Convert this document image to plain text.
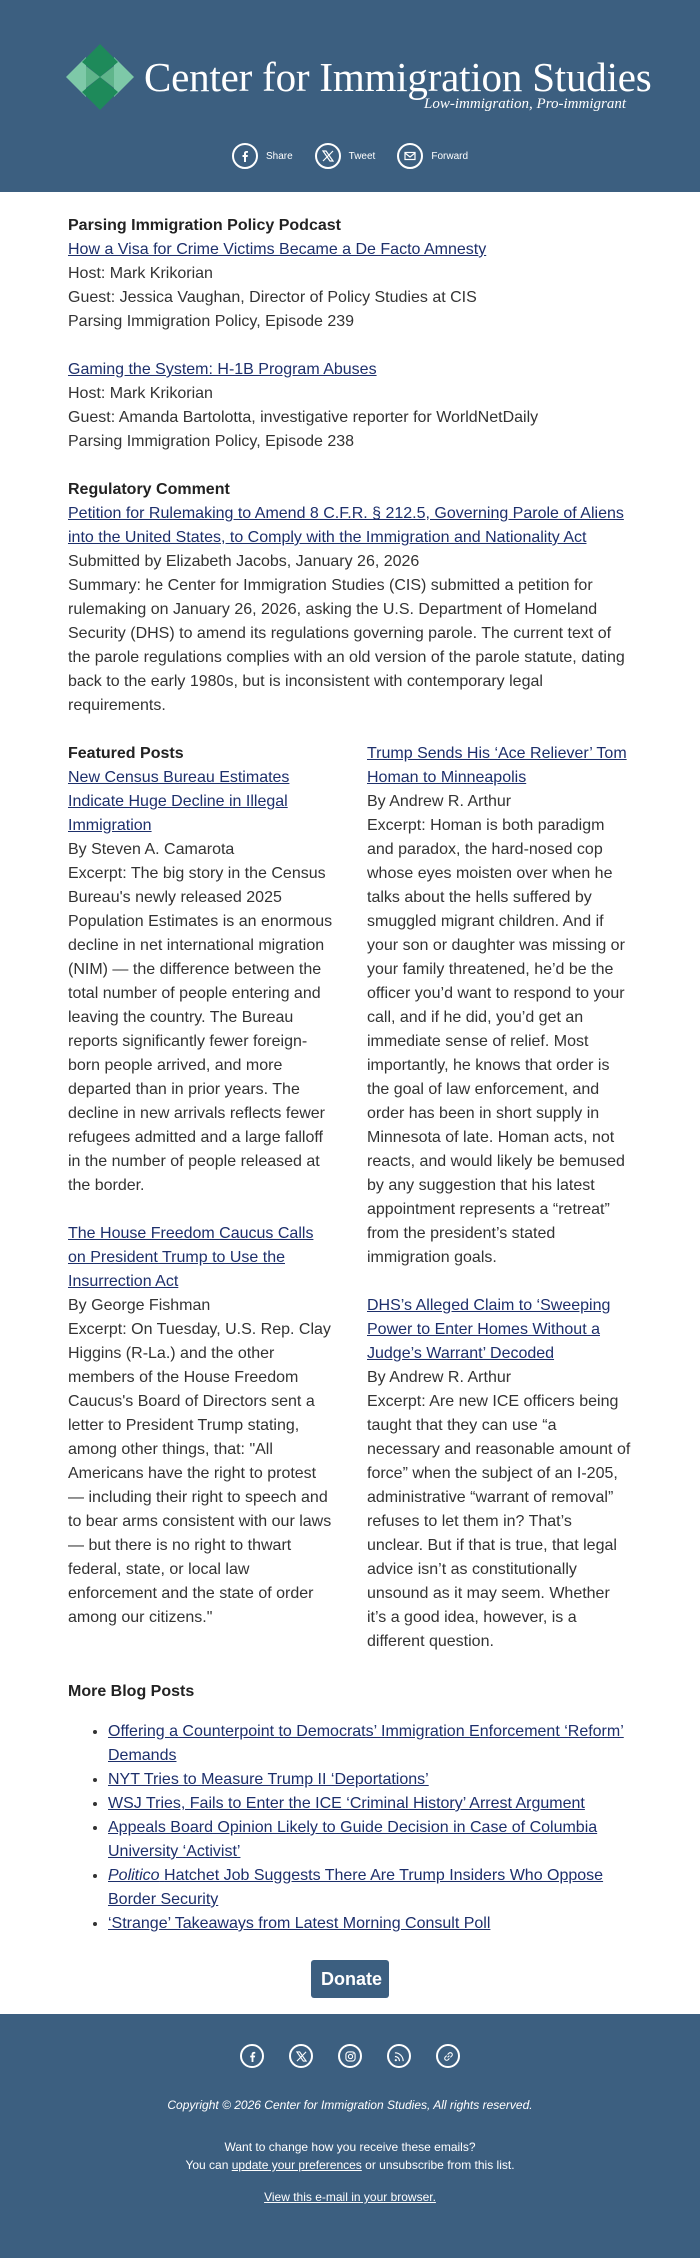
Center for Immigration Studies
Low-immigration, Pro-immigrant
Share	Tweet	Forward
Parsing Immigration Policy Podcast
How a Visa for Crime Victims Became a De Facto Amnesty
Host: Mark Krikorian
Guest: Jessica Vaughan, Director of Policy Studies at CIS
Parsing Immigration Policy, Episode 239
Gaming the System: H-1B Program Abuses
Host: Mark Krikorian
Guest: Amanda Bartolotta, investigative reporter for WorldNetDaily
Parsing Immigration Policy, Episode 238
Regulatory Comment
Petition for Rulemaking to Amend 8 C.F.R. § 212.5, Governing Parole of Aliens into the United States, to Comply with the Immigration and Nationality Act
Submitted by Elizabeth Jacobs, January 26, 2026
Summary: he Center for Immigration Studies (CIS) submitted a petition for rulemaking on January 26, 2026, asking the U.S. Department of Homeland Security (DHS) to amend its regulations governing parole. The current text of the parole regulations complies with an old version of the parole statute, dating back to the early 1980s, but is inconsistent with contemporary legal requirements.
Featured Posts
New Census Bureau Estimates Indicate Huge Decline in Illegal Immigration
By Steven A. Camarota
Excerpt: The big story in the Census Bureau's newly released 2025 Population Estimates is an enormous decline in net international migration (NIM) — the difference between the total number of people entering and leaving the country. The Bureau reports significantly fewer foreign-born people arrived, and more departed than in prior years. The decline in new arrivals reflects fewer refugees admitted and a large falloff in the number of people released at the border.
The House Freedom Caucus Calls on President Trump to Use the Insurrection Act
By George Fishman
Excerpt: On Tuesday, U.S. Rep. Clay Higgins (R-La.) and the other members of the House Freedom Caucus's Board of Directors sent a letter to President Trump stating, among other things, that: "All Americans have the right to protest — including their right to speech and to bear arms consistent with our laws — but there is no right to thwart federal, state, or local law enforcement and the state of order among our citizens."
Trump Sends His ‘Ace Reliever’ Tom Homan to Minneapolis
By Andrew R. Arthur
Excerpt: Homan is both paradigm and paradox, the hard-nosed cop whose eyes moisten over when he talks about the hells suffered by smuggled migrant children. And if your son or daughter was missing or your family threatened, he’d be the officer you’d want to respond to your call, and if he did, you’d get an immediate sense of relief. Most importantly, he knows that order is the goal of law enforcement, and order has been in short supply in Minnesota of late. Homan acts, not reacts, and would likely be bemused by any suggestion that his latest appointment represents a “retreat” from the president’s stated immigration goals.
DHS’s Alleged Claim to ‘Sweeping Power to Enter Homes Without a Judge’s Warrant’ Decoded
By Andrew R. Arthur
Excerpt: Are new ICE officers being taught that they can use “a necessary and reasonable amount of force” when the subject of an I-205, administrative “warrant of removal” refuses to let them in? That’s unclear. But if that is true, that legal advice isn’t as constitutionally unsound as it may seem. Whether it’s a good idea, however, is a different question.
More Blog Posts
• Offering a Counterpoint to Democrats’ Immigration Enforcement ‘Reform’ Demands
• NYT Tries to Measure Trump II ‘Deportations’
• WSJ Tries, Fails to Enter the ICE ‘Criminal History’ Arrest Argument
• Appeals Board Opinion Likely to Guide Decision in Case of Columbia University ‘Activist’
• Politico Hatchet Job Suggests There Are Trump Insiders Who Oppose Border Security
• ‘Strange’ Takeaways from Latest Morning Consult Poll
Donate
Copyright © 2026 Center for Immigration Studies, All rights reserved.
Want to change how you receive these emails?
You can update your preferences or unsubscribe from this list.
View this e-mail in your browser.
